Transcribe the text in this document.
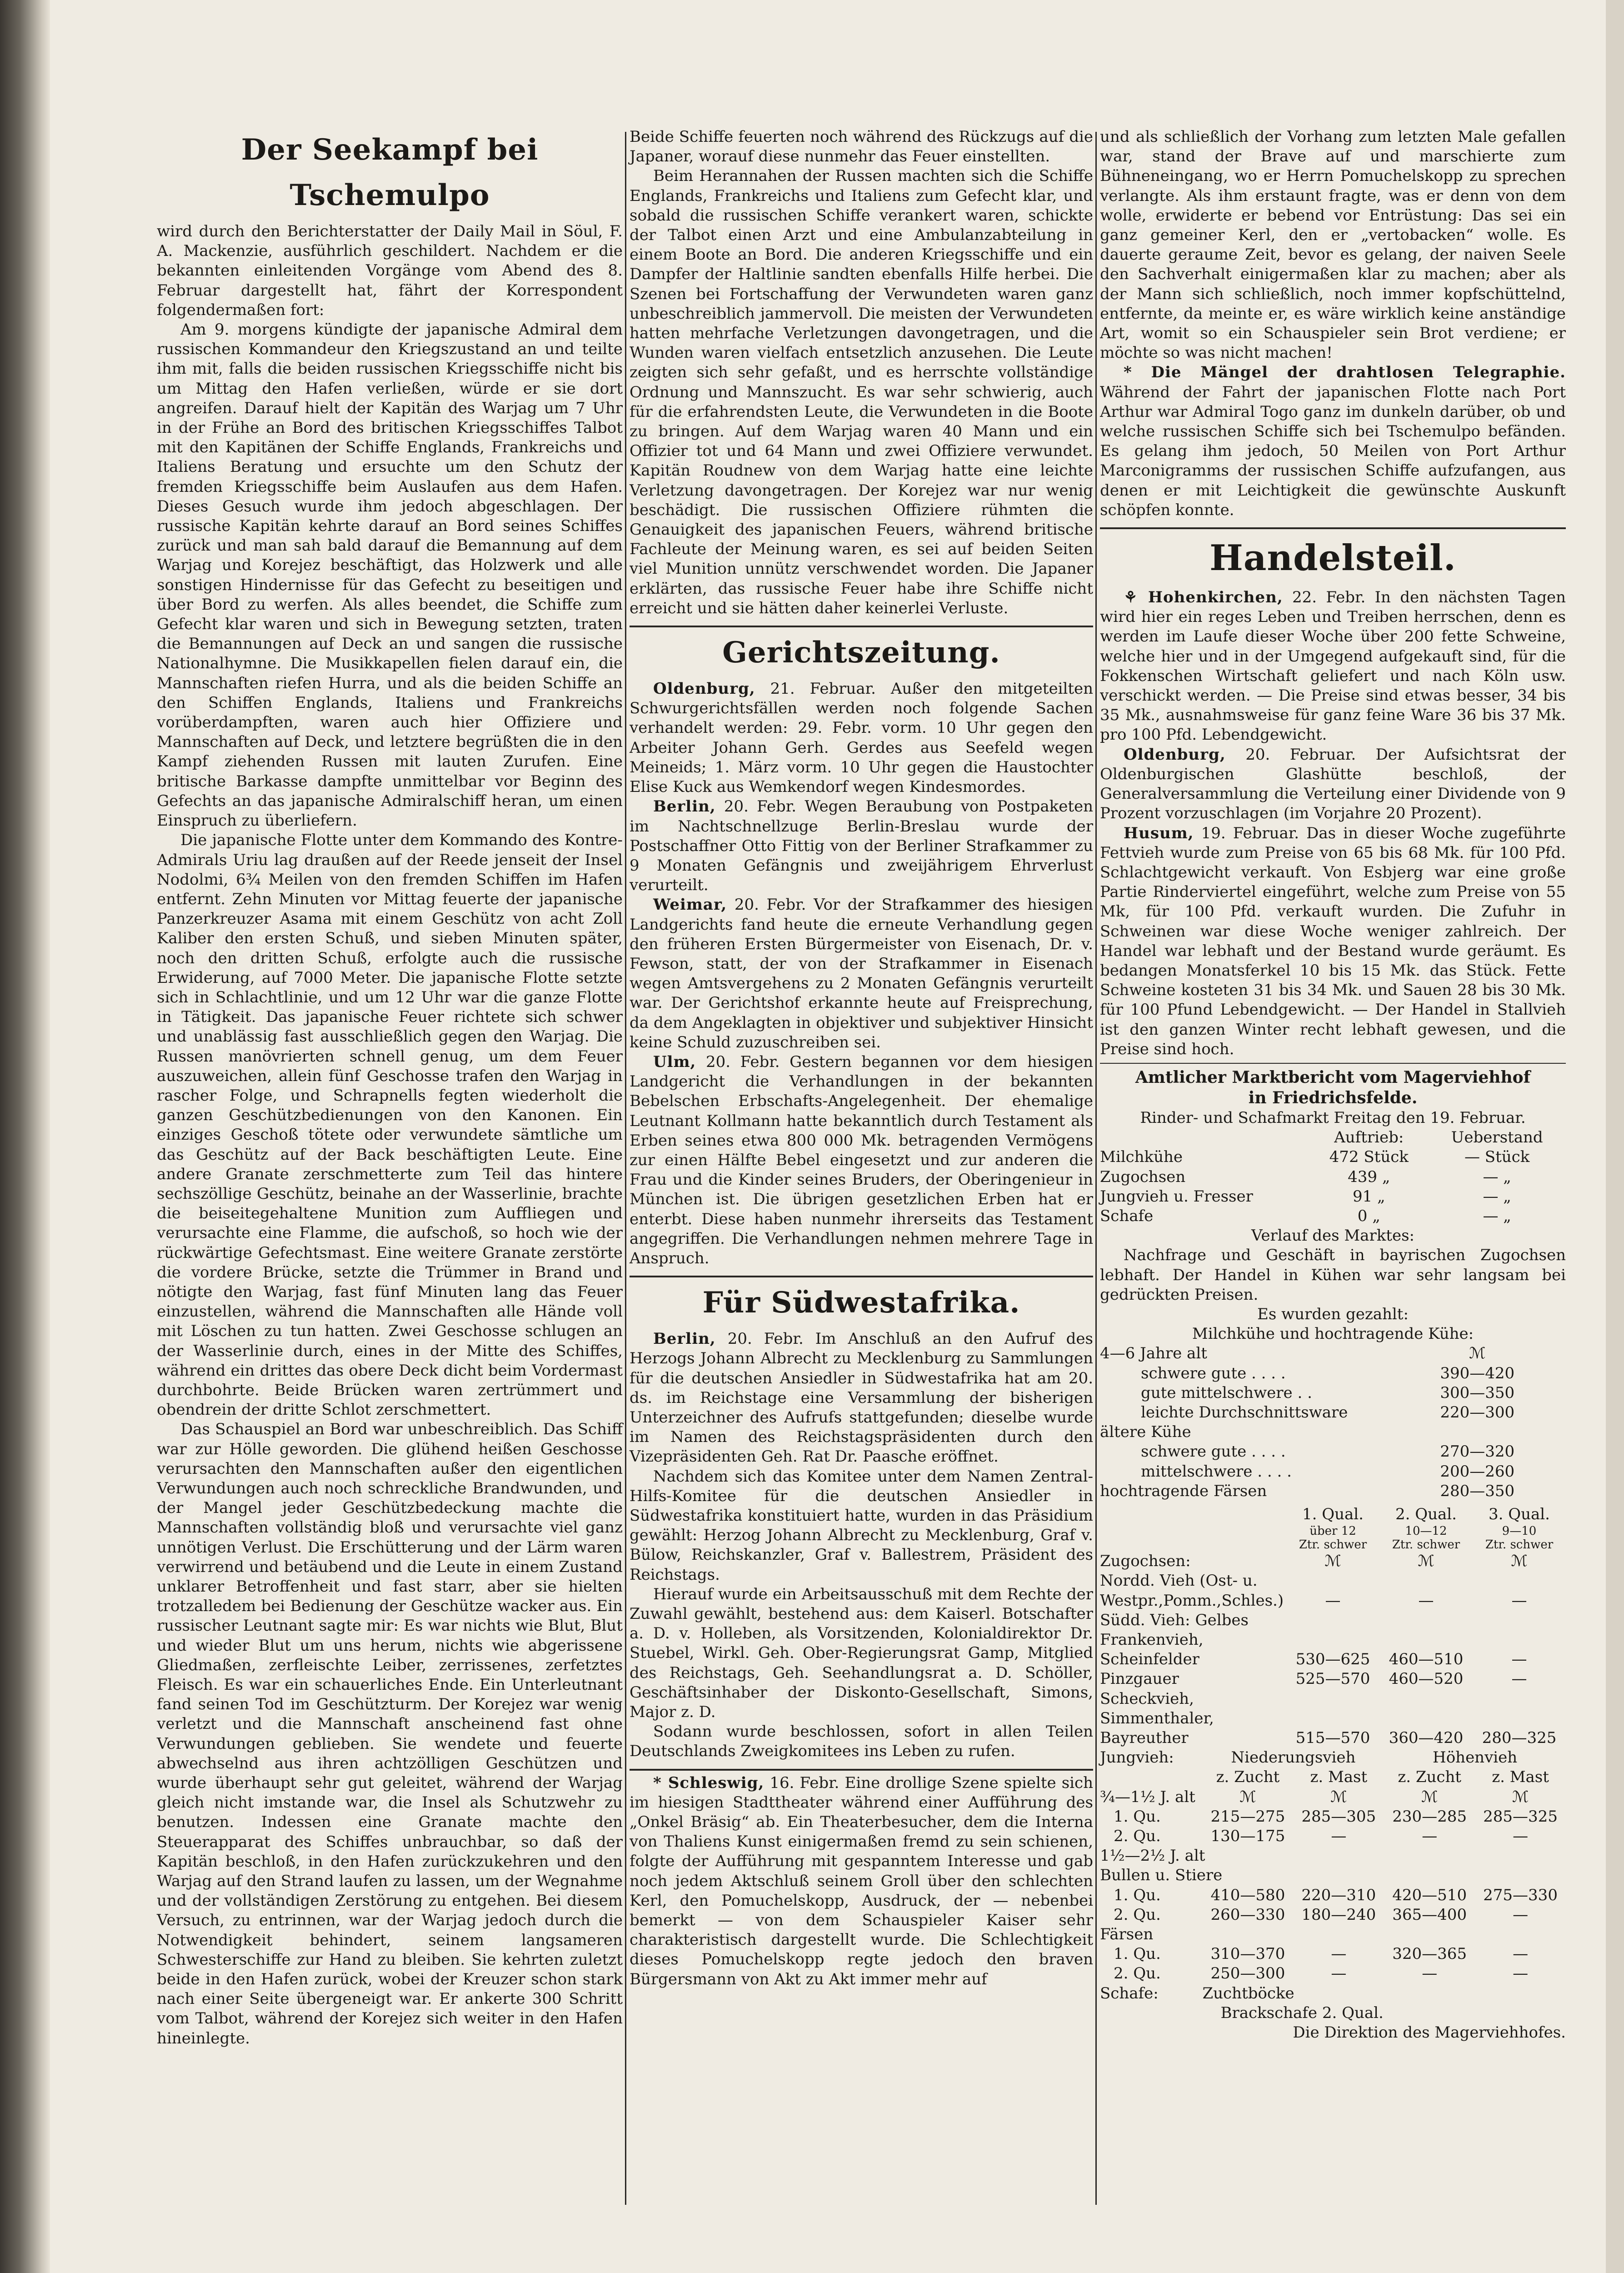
Der Seekampf bei Tschemulpo

wird durch den Berichterstatter der Daily Mail in Söul, F. A. Mackenzie, ausführlich geschildert. Nachdem er die bekannten einleitenden Vorgänge vom Abend des 8. Februar dargestellt hat, fährt der Korrespondent folgendermaßen fort:

Am 9. morgens kündigte der japanische Admiral dem russischen Kommandeur den Kriegszustand an und teilte ihm mit, falls die beiden russischen Kriegsschiffe nicht bis um Mittag den Hafen verließen, würde er sie dort angreifen. Darauf hielt der Kapitän des Warjag um 7 Uhr in der Frühe an Bord des britischen Kriegsschiffes Talbot mit den Kapitänen der Schiffe Englands, Frankreichs und Italiens Beratung und ersuchte um den Schutz der fremden Kriegsschiffe beim Auslaufen aus dem Hafen. Dieses Gesuch wurde ihm jedoch abgeschlagen. Der russische Kapitän kehrte darauf an Bord seines Schiffes zurück und man sah bald darauf die Bemannung auf dem Warjag und Korejez beschäftigt, das Holzwerk und alle sonstigen Hindernisse für das Gefecht zu beseitigen und über Bord zu werfen. Als alles beendet, die Schiffe zum Gefecht klar waren und sich in Bewegung setzten, traten die Bemannungen auf Deck an und sangen die russische Nationalhymne. Die Musikkapellen fielen darauf ein, die Mannschaften riefen Hurra, und als die beiden Schiffe an den Schiffen Englands, Italiens und Frankreichs vorüberdampften, waren auch hier Offiziere und Mannschaften auf Deck, und letztere begrüßten die in den Kampf ziehenden Russen mit lauten Zurufen. Eine britische Barkasse dampfte unmittelbar vor Beginn des Gefechts an das japanische Admiralschiff heran, um einen Einspruch zu überliefern.

Die japanische Flotte unter dem Kommando des Kontre-Admirals Uriu lag draußen auf der Reede jenseit der Insel Nodolmi, 6¾ Meilen von den fremden Schiffen im Hafen entfernt. Zehn Minuten vor Mittag feuerte der japanische Panzerkreuzer Asama mit einem Geschütz von acht Zoll Kaliber den ersten Schuß, und sieben Minuten später, noch den dritten Schuß, erfolgte auch die russische Erwiderung, auf 7000 Meter. Die japanische Flotte setzte sich in Schlachtlinie, und um 12 Uhr war die ganze Flotte in Tätigkeit. Das japanische Feuer richtete sich schwer und unablässig fast ausschließlich gegen den Warjag. Die Russen manövrierten schnell genug, um dem Feuer auszuweichen, allein fünf Geschosse trafen den Warjag in rascher Folge, und Schrapnells fegten wiederholt die ganzen Geschützbedienungen von den Kanonen. Ein einziges Geschoß tötete oder verwundete sämtliche um das Geschütz auf der Back beschäftigten Leute. Eine andere Granate zerschmetterte zum Teil das hintere sechszöllige Geschütz, beinahe an der Wasserlinie, brachte die beiseitegehaltene Munition zum Auffliegen und verursachte eine Flamme, die aufschoß, so hoch wie der rückwärtige Gefechtsmast. Eine weitere Granate zerstörte die vordere Brücke, setzte die Trümmer in Brand und nötigte den Warjag, fast fünf Minuten lang das Feuer einzustellen, während die Mannschaften alle Hände voll mit Löschen zu tun hatten. Zwei Geschosse schlugen an der Wasserlinie durch, eines in der Mitte des Schiffes, während ein drittes das obere Deck dicht beim Vordermast durchbohrte. Beide Brücken waren zertrümmert und obendrein der dritte Schlot zerschmettert.

Das Schauspiel an Bord war unbeschreiblich. Das Schiff war zur Hölle geworden. Die glühend heißen Geschosse verursachten den Mannschaften außer den eigentlichen Verwundungen auch noch schreckliche Brandwunden, und der Mangel jeder Geschützbedeckung machte die Mannschaften vollständig bloß und verursachte viel ganz unnötigen Verlust. Die Erschütterung und der Lärm waren verwirrend und betäubend und die Leute in einem Zustand unklarer Betroffenheit und fast starr, aber sie hielten trotzalledem bei Bedienung der Geschütze wacker aus. Ein russischer Leutnant sagte mir: Es war nichts wie Blut, Blut und wieder Blut um uns herum, nichts wie abgerissene Gliedmaßen, zerfleischte Leiber, zerrissenes, zerfetztes Fleisch. Es war ein schauerliches Ende. Ein Unterleutnant fand seinen Tod im Geschützturm. Der Korejez war wenig verletzt und die Mannschaft anscheinend fast ohne Verwundungen geblieben. Sie wendete und feuerte abwechselnd aus ihren achtzölligen Geschützen und wurde überhaupt sehr gut geleitet, während der Warjag gleich nicht imstande war, die Insel als Schutzwehr zu benutzen. Indessen eine Granate machte den Steuerapparat des Schiffes unbrauchbar, so daß der Kapitän beschloß, in den Hafen zurückzukehren und den Warjag auf den Strand laufen zu lassen, um der Wegnahme und der vollständigen Zerstörung zu entgehen. Bei diesem Versuch, zu entrinnen, war der Warjag jedoch durch die Notwendigkeit behindert, seinem langsameren Schwesterschiffe zur Hand zu bleiben. Sie kehrten zuletzt beide in den Hafen zurück, wobei der Kreuzer schon stark nach einer Seite übergeneigt war. Er ankerte 300 Schritt vom Talbot, während der Korejez sich weiter in den Hafen hineinlegte.

Beide Schiffe feuerten noch während des Rückzugs auf die Japaner, worauf diese nunmehr das Feuer einstellten.

Beim Herannahen der Russen machten sich die Schiffe Englands, Frankreichs und Italiens zum Gefecht klar, und sobald die russischen Schiffe verankert waren, schickte der Talbot einen Arzt und eine Ambulanzabteilung in einem Boote an Bord. Die anderen Kriegsschiffe und ein Dampfer der Haltlinie sandten ebenfalls Hilfe herbei. Die Szenen bei Fortschaffung der Verwundeten waren ganz unbeschreiblich jammervoll. Die meisten der Verwundeten hatten mehrfache Verletzungen davongetragen, und die Wunden waren vielfach entsetzlich anzusehen. Die Leute zeigten sich sehr gefaßt, und es herrschte vollständige Ordnung und Mannszucht. Es war sehr schwierig, auch für die erfahrendsten Leute, die Verwundeten in die Boote zu bringen. Auf dem Warjag waren 40 Mann und ein Offizier tot und 64 Mann und zwei Offiziere verwundet. Kapitän Roudnew von dem Warjag hatte eine leichte Verletzung davongetragen. Der Korejez war nur wenig beschädigt. Die russischen Offiziere rühmten die Genauigkeit des japanischen Feuers, während britische Fachleute der Meinung waren, es sei auf beiden Seiten viel Munition unnütz verschwendet worden. Die Japaner erklärten, das russische Feuer habe ihre Schiffe nicht erreicht und sie hätten daher keinerlei Verluste.

Gerichtszeitung.

Oldenburg, 21. Februar. Außer den mitgeteilten Schwurgerichtsfällen werden noch folgende Sachen verhandelt werden: 29. Febr. vorm. 10 Uhr gegen den Arbeiter Johann Gerh. Gerdes aus Seefeld wegen Meineids; 1. März vorm. 10 Uhr gegen die Haustochter Elise Kuck aus Wemkendorf wegen Kindesmordes.

Berlin, 20. Febr. Wegen Beraubung von Postpaketen im Nachtschnellzuge Berlin-Breslau wurde der Postschaffner Otto Fittig von der Berliner Strafkammer zu 9 Monaten Gefängnis und zweijährigem Ehrverlust verurteilt.

Weimar, 20. Febr. Vor der Strafkammer des hiesigen Landgerichts fand heute die erneute Verhandlung gegen den früheren Ersten Bürgermeister von Eisenach, Dr. v. Fewson, statt, der von der Strafkammer in Eisenach wegen Amtsvergehens zu 2 Monaten Gefängnis verurteilt war. Der Gerichtshof erkannte heute auf Freisprechung, da dem Angeklagten in objektiver und subjektiver Hinsicht keine Schuld zuzuschreiben sei.

Ulm, 20. Febr. Gestern begannen vor dem hiesigen Landgericht die Verhandlungen in der bekannten Bebelschen Erbschafts-Angelegenheit. Der ehemalige Leutnant Kollmann hatte bekanntlich durch Testament als Erben seines etwa 800 000 Mk. betragenden Vermögens zur einen Hälfte Bebel eingesetzt und zur anderen die Frau und die Kinder seines Bruders, der Oberingenieur in München ist. Die übrigen gesetzlichen Erben hat er enterbt. Diese haben nunmehr ihrerseits das Testament angegriffen. Die Verhandlungen nehmen mehrere Tage in Anspruch.

Für Südwestafrika.

Berlin, 20. Febr. Im Anschluß an den Aufruf des Herzogs Johann Albrecht zu Mecklenburg zu Sammlungen für die deutschen Ansiedler in Südwestafrika hat am 20. ds. im Reichstage eine Versammlung der bisherigen Unterzeichner des Aufrufs stattgefunden; dieselbe wurde im Namen des Reichstagspräsidenten durch den Vizepräsidenten Geh. Rat Dr. Paasche eröffnet.

Nachdem sich das Komitee unter dem Namen Zentral-Hilfs-Komitee für die deutschen Ansiedler in Südwestafrika konstituiert hatte, wurden in das Präsidium gewählt: Herzog Johann Albrecht zu Mecklenburg, Graf v. Bülow, Reichskanzler, Graf v. Ballestrem, Präsident des Reichstags.

Hierauf wurde ein Arbeitsausschuß mit dem Rechte der Zuwahl gewählt, bestehend aus: dem Kaiserl. Botschafter a. D. v. Holleben, als Vorsitzenden, Kolonialdirektor Dr. Stuebel, Wirkl. Geh. Ober-Regierungsrat Gamp, Mitglied des Reichstags, Geh. Seehandlungsrat a. D. Schöller, Geschäftsinhaber der Diskonto-Gesellschaft, Simons, Major z. D.

Sodann wurde beschlossen, sofort in allen Teilen Deutschlands Zweigkomitees ins Leben zu rufen.

* Schleswig, 16. Febr. Eine drollige Szene spielte sich im hiesigen Stadttheater während einer Aufführung des „Onkel Bräsig“ ab. Ein Theaterbesucher, dem die Interna von Thaliens Kunst einigermaßen fremd zu sein schienen, folgte der Aufführung mit gespanntem Interesse und gab noch jedem Aktschluß seinem Groll über den schlechten Kerl, den Pomuchelskopp, Ausdruck, der — nebenbei bemerkt — von dem Schauspieler Kaiser sehr charakteristisch dargestellt wurde. Die Schlechtigkeit dieses Pomuchelskopp regte jedoch den braven Bürgersmann von Akt zu Akt immer mehr auf

und als schließlich der Vorhang zum letzten Male gefallen war, stand der Brave auf und marschierte zum Bühneneingang, wo er Herrn Pomuchelskopp zu sprechen verlangte. Als ihm erstaunt fragte, was er denn von dem wolle, erwiderte er bebend vor Entrüstung: Das sei ein ganz gemeiner Kerl, den er „vertobacken“ wolle. Es dauerte geraume Zeit, bevor es gelang, der naiven Seele den Sachverhalt einigermaßen klar zu machen; aber als der Mann sich schließlich, noch immer kopfschüttelnd, entfernte, da meinte er, es wäre wirklich keine anständige Art, womit so ein Schauspieler sein Brot verdiene; er möchte so was nicht machen!

* Die Mängel der drahtlosen Telegraphie. Während der Fahrt der japanischen Flotte nach Port Arthur war Admiral Togo ganz im dunkeln darüber, ob und welche russischen Schiffe sich bei Tschemulpo befänden. Es gelang ihm jedoch, 50 Meilen von Port Arthur Marconigramms der russischen Schiffe aufzufangen, aus denen er mit Leichtigkeit die gewünschte Auskunft schöpfen konnte.

Handelsteil.

⚘ Hohenkirchen, 22. Febr. In den nächsten Tagen wird hier ein reges Leben und Treiben herrschen, denn es werden im Laufe dieser Woche über 200 fette Schweine, welche hier und in der Umgegend aufgekauft sind, für die Fokkenschen Wirtschaft geliefert und nach Köln usw. verschickt werden. — Die Preise sind etwas besser, 34 bis 35 Mk., ausnahmsweise für ganz feine Ware 36 bis 37 Mk. pro 100 Pfd. Lebendgewicht.

Oldenburg, 20. Februar. Der Aufsichtsrat der Oldenburgischen Glashütte beschloß, der Generalversammlung die Verteilung einer Dividende von 9 Prozent vorzuschlagen (im Vorjahre 20 Prozent).

Husum, 19. Februar. Das in dieser Woche zugeführte Fettvieh wurde zum Preise von 65 bis 68 Mk. für 100 Pfd. Schlachtgewicht verkauft. Von Esbjerg war eine große Partie Rinderviertel eingeführt, welche zum Preise von 55 Mk, für 100 Pfd. verkauft wurden. Die Zufuhr in Schweinen war diese Woche weniger zahlreich. Der Handel war lebhaft und der Bestand wurde geräumt. Es bedangen Monatsferkel 10 bis 15 Mk. das Stück. Fette Schweine kosteten 31 bis 34 Mk. und Sauen 28 bis 30 Mk. für 100 Pfund Lebendgewicht. — Der Handel in Stallvieh ist den ganzen Winter recht lebhaft gewesen, und die Preise sind hoch.

Amtlicher Marktbericht vom Magerviehhof
in Friedrichsfelde.

Rinder- und Schafmarkt Freitag den 19. Februar.

	Auftrieb:	Ueberstand
Milchkühe	472 Stück	— Stück
Zugochsen	439 „	— „
Jungvieh u. Fresser	91 „	— „
Schafe	0 „	— „

Verlauf des Marktes:

Nachfrage und Geschäft in bayrischen Zugochsen lebhaft. Der Handel in Kühen war sehr langsam bei gedrückten Preisen.

Es wurden gezahlt:

Milchkühe und hochtragende Kühe:

4—6 Jahre alt	ℳ
schwere gute . . . .	390—420
gute mittelschwere . .	300—350
leichte Durchschnittsware	220—300
ältere Kühe	
schwere gute . . . .	270—320
mittelschwere . . . .	200—260
hochtragende Färsen	280—350
	1. Qual.	2. Qual.	3. Qual.
	über 12	10—12	9—10
	Ztr. schwer	Ztr. schwer	Ztr. schwer
Zugochsen:	ℳ	ℳ	ℳ
Nordd. Vieh (Ost- u. Westpr.,Pomm.,Schles.)	—	—	—
Südd. Vieh: Gelbes Frankenvieh, Scheinfelder	530—625	460—510	—
Pinzgauer	525—570	460—520	—
Scheckvieh, Simmenthaler, Bayreuther	515—570	360—420	280—325
Jungvieh:	Niederungsvieh		Höhenvieh	
	z. Zucht	z. Mast	z. Zucht	z. Mast
¾—1½ J. alt	ℳ	ℳ	ℳ	ℳ
1. Qu.	215—275	285—305	230—285	285—325
2. Qu.	130—175	—	—	—
1½—2½ J. alt				
Bullen u. Stiere				
1. Qu.	410—580	220—310	420—510	275—330
2. Qu.	260—330	180—240	365—400	—
Färsen				
1. Qu.	310—370	—	320—365	—
2. Qu.	250—300	—	—	—
Schafe:	Zuchtböcke
	Brackschafe 2. Qual.
Die Direktion des Magerviehhofes.
